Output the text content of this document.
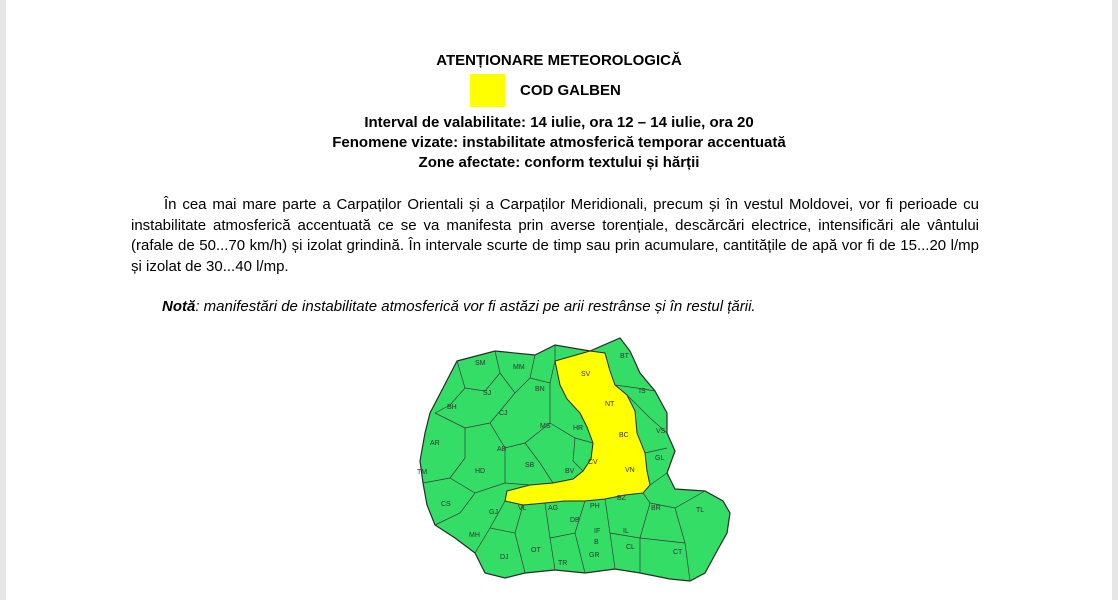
ATENȚIONARE METEOROLOGICĂ
COD GALBEN
Interval de valabilitate: 14 iulie, ora 12 – 14 iulie, ora 20
Fenomene vizate: instabilitate atmosferică temporar accentuată
Zone afectate: conform textului și hărții

În cea mai mare parte a Carpaților Orientali și a Carpaților Meridionali, precum și în vestul Moldovei, vor fi perioade cu instabilitate atmosferică accentuată ce se va manifesta prin averse torențiale, descărcări electrice, intensificări ale vântului (rafale de 50...70 km/h) și izolat grindină. În intervale scurte de timp sau prin acumulare, cantitățile de apă vor fi de 15...20 l/mp și izolat de 30...40 l/mp.

Notă: manifestări de instabilitate atmosferică vor fi astăzi pe arii restrânse și în restul țării.
SM
MM
BT
SV
BN	IS
SJ
BH
CJ
NT
MS	HR
BC
VS
AR
AB
TM	HD
SB	CV
BV	VN
GL
CS
GJ
VL	AG	PH
BZ
BR	TL
MH
DB
IF	IL
DJ
OT
TR
GR
B
CL
CT
